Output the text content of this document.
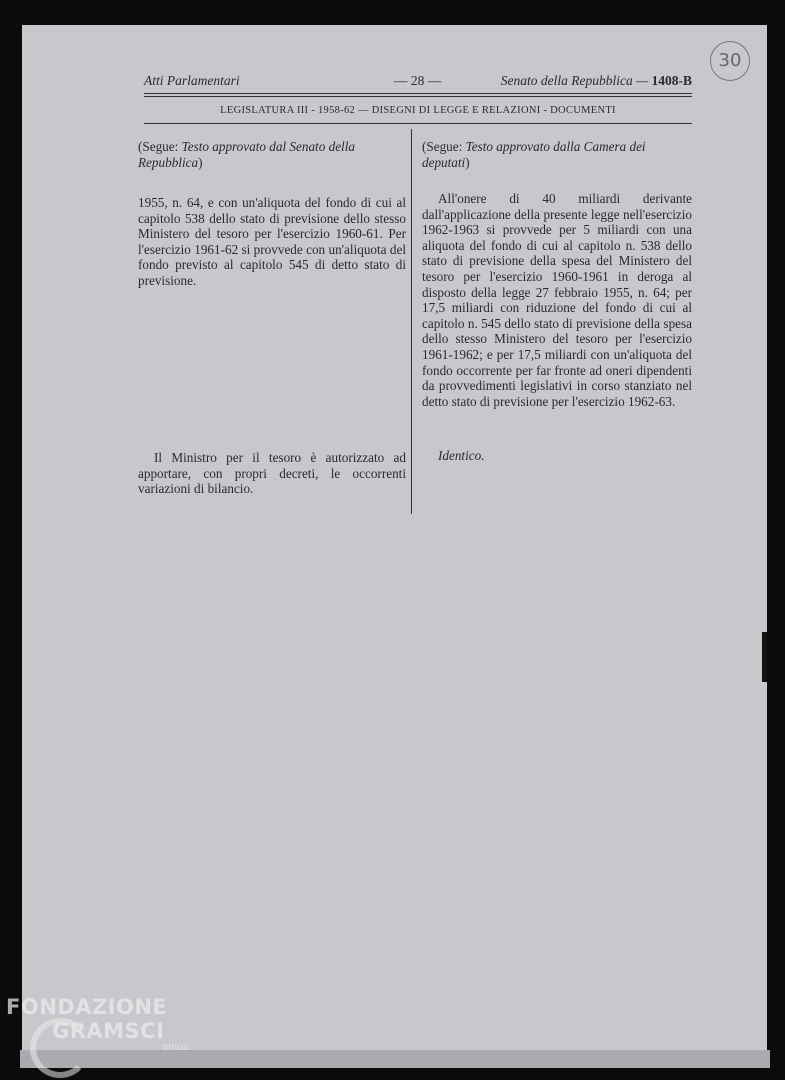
30
Atti Parlamentari	— 28 —	Senato della Repubblica — 1408-B
LEGISLATURA III - 1958-62 — DISEGNI DI LEGGE E RELAZIONI - DOCUMENTI
(Segue: Testo approvato dal Senato della Repubblica)
(Segue: Testo approvato dalla Camera dei deputati)

1955, n. 64, e con un'aliquota del fondo di cui al capitolo 538 dello stato di previsione dello stesso Ministero del tesoro per l'esercizio 1960-61. Per l'esercizio 1961-62 si provvede con un'aliquota del fondo previsto al capitolo 545 di detto stato di previsione.

Il Ministro per il tesoro è autorizzato ad apportare, con propri decreti, le occorrenti variazioni di bilancio.

All'onere di 40 miliardi derivante dall'applicazione della presente legge nell'esercizio 1962-1963 si provvede per 5 miliardi con una aliquota del fondo di cui al capitolo n. 538 dello stato di previsione della spesa del Ministero del tesoro per l'esercizio 1960-1961 in deroga al disposto della legge 27 febbraio 1955, n. 64; per 17,5 miliardi con riduzione del fondo di cui al capitolo n. 545 dello stato di previsione della spesa dello stesso Ministero del tesoro per l'esercizio 1961-1962; e per 17,5 miliardi con un'aliquota del fondo occorrente per far fronte ad oneri dipendenti da provvedimenti legislativi in corso stanziato nel detto stato di previsione per l'esercizio 1962-63.

Identico.

FONDAZIONE
GRAMSCI
onlus
